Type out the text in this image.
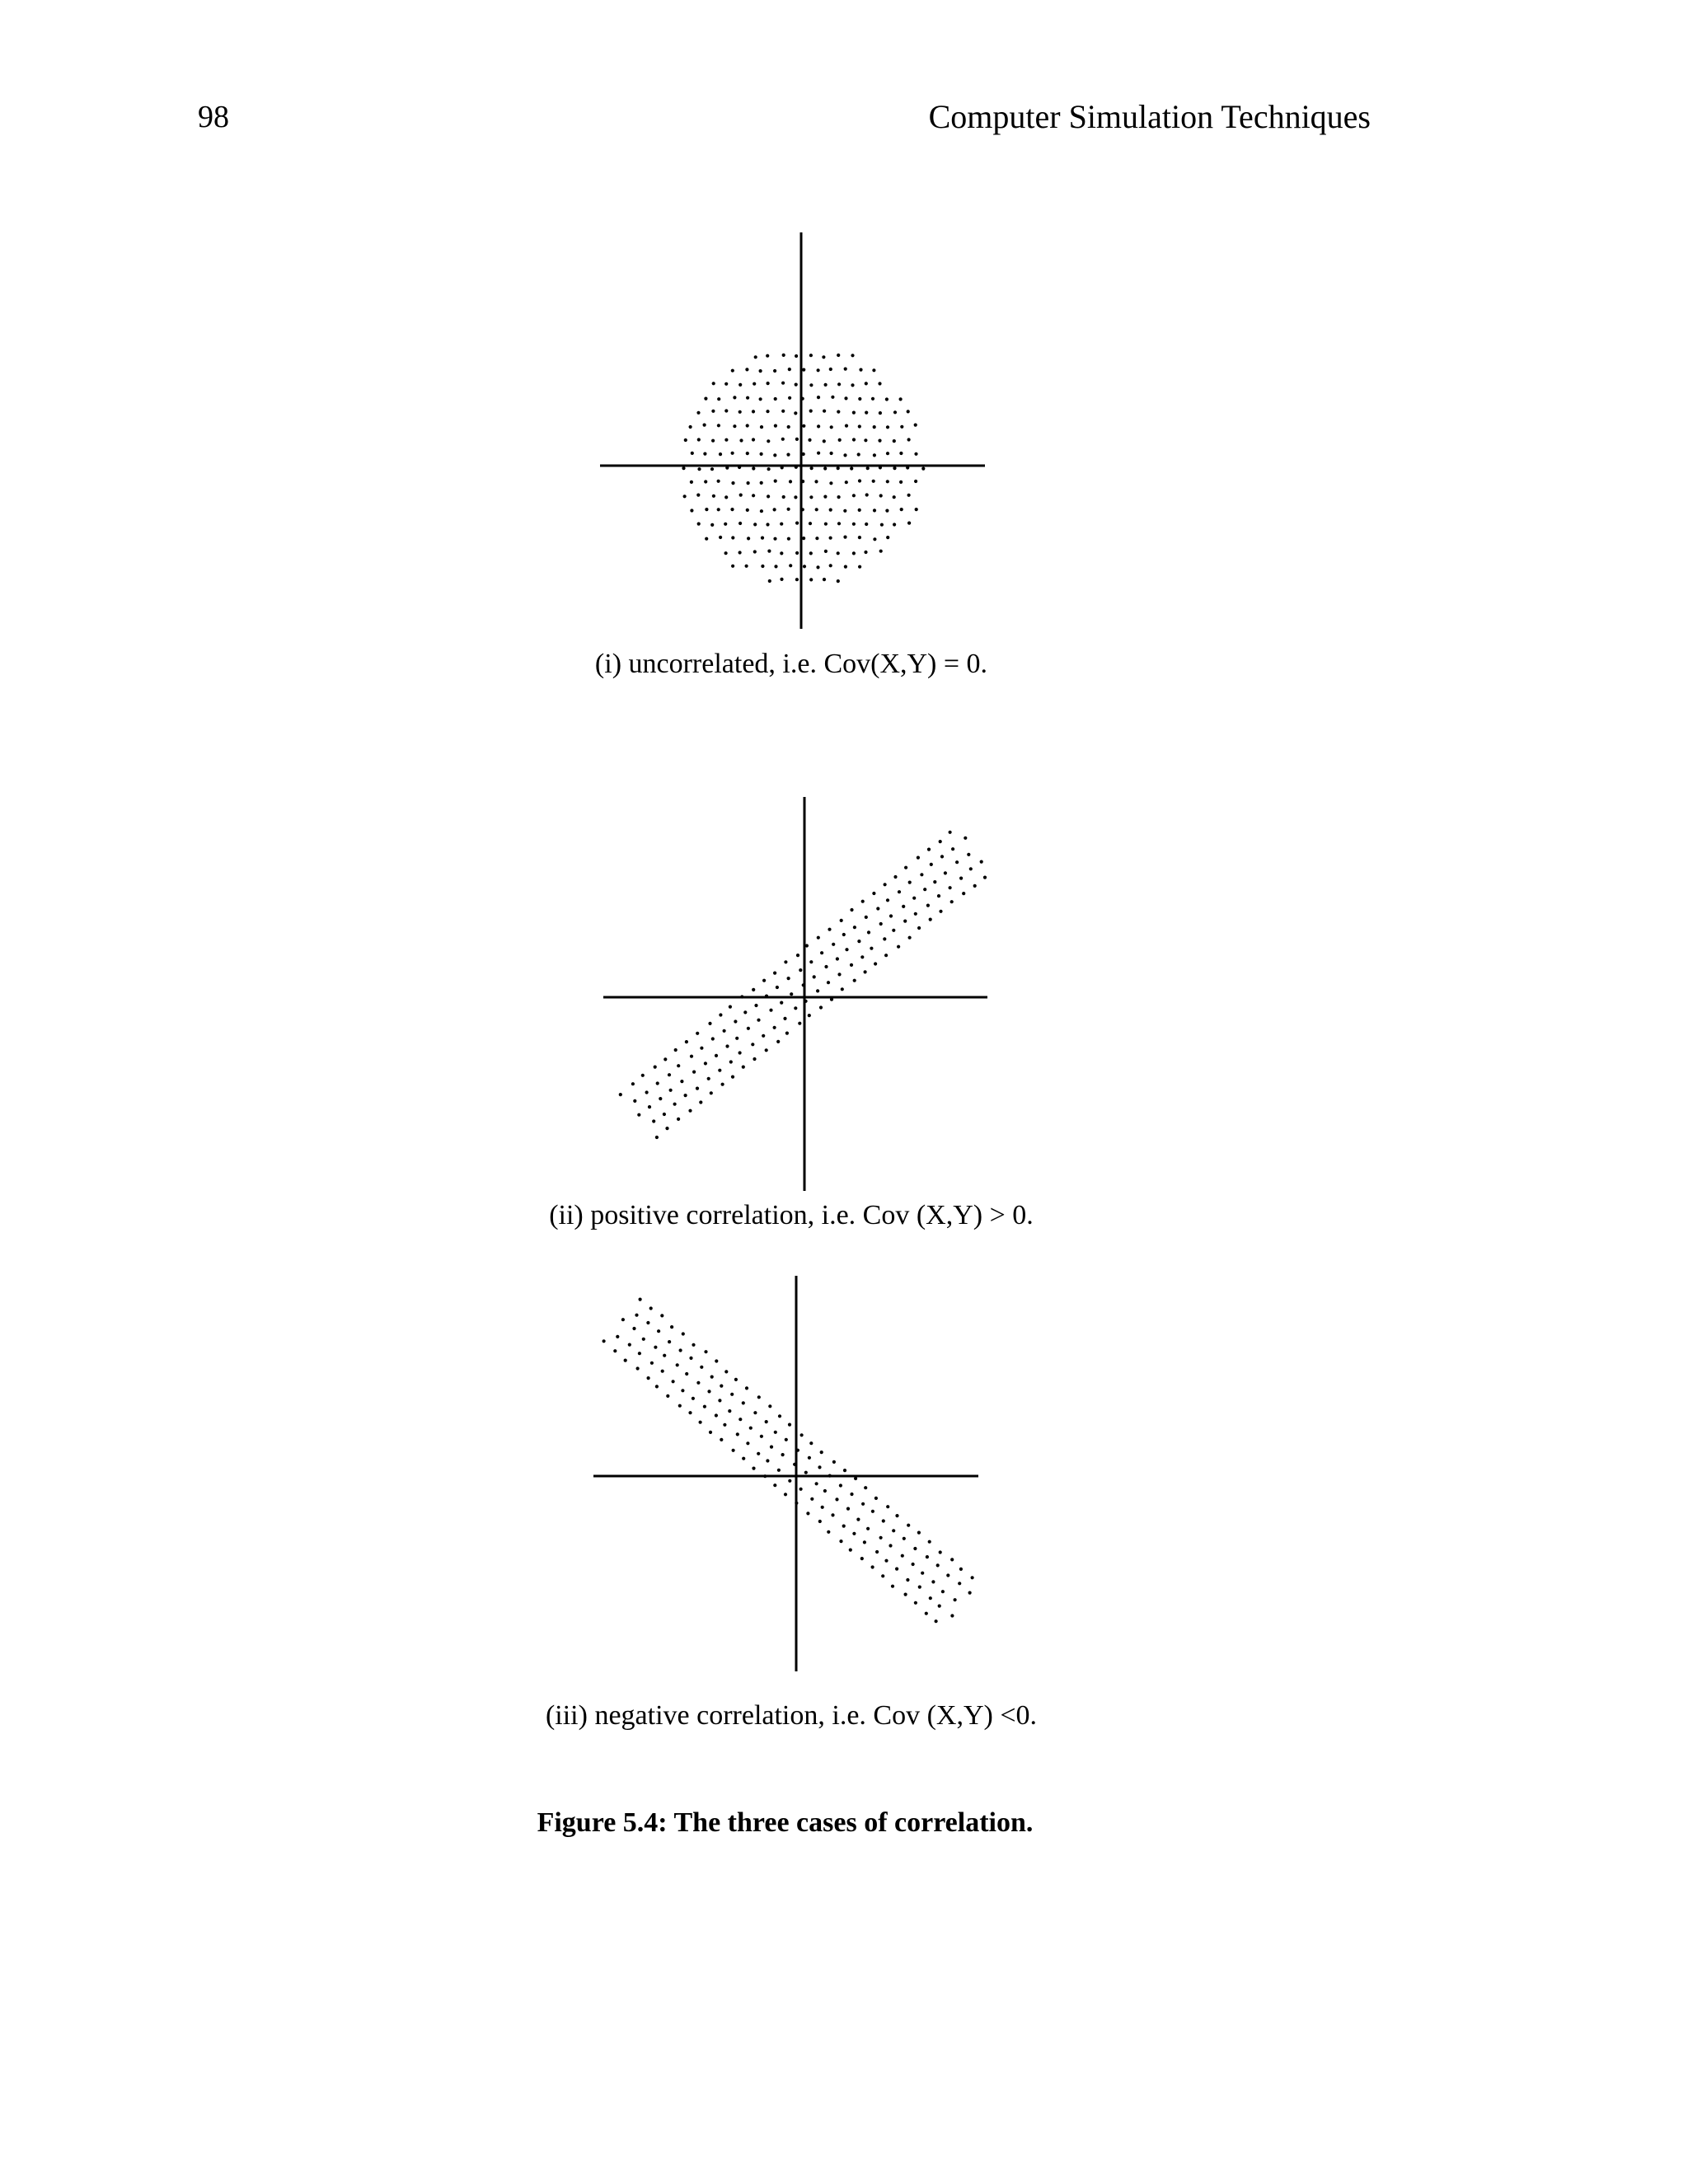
98	Computer Simulation Techniques
(i) uncorrelated, i.e. Cov(X,Y) = 0.
(ii) positive correlation, i.e. Cov (X,Y) > 0.
(iii) negative correlation, i.e. Cov (X,Y) <0.
Figure 5.4: The three cases of correlation.
